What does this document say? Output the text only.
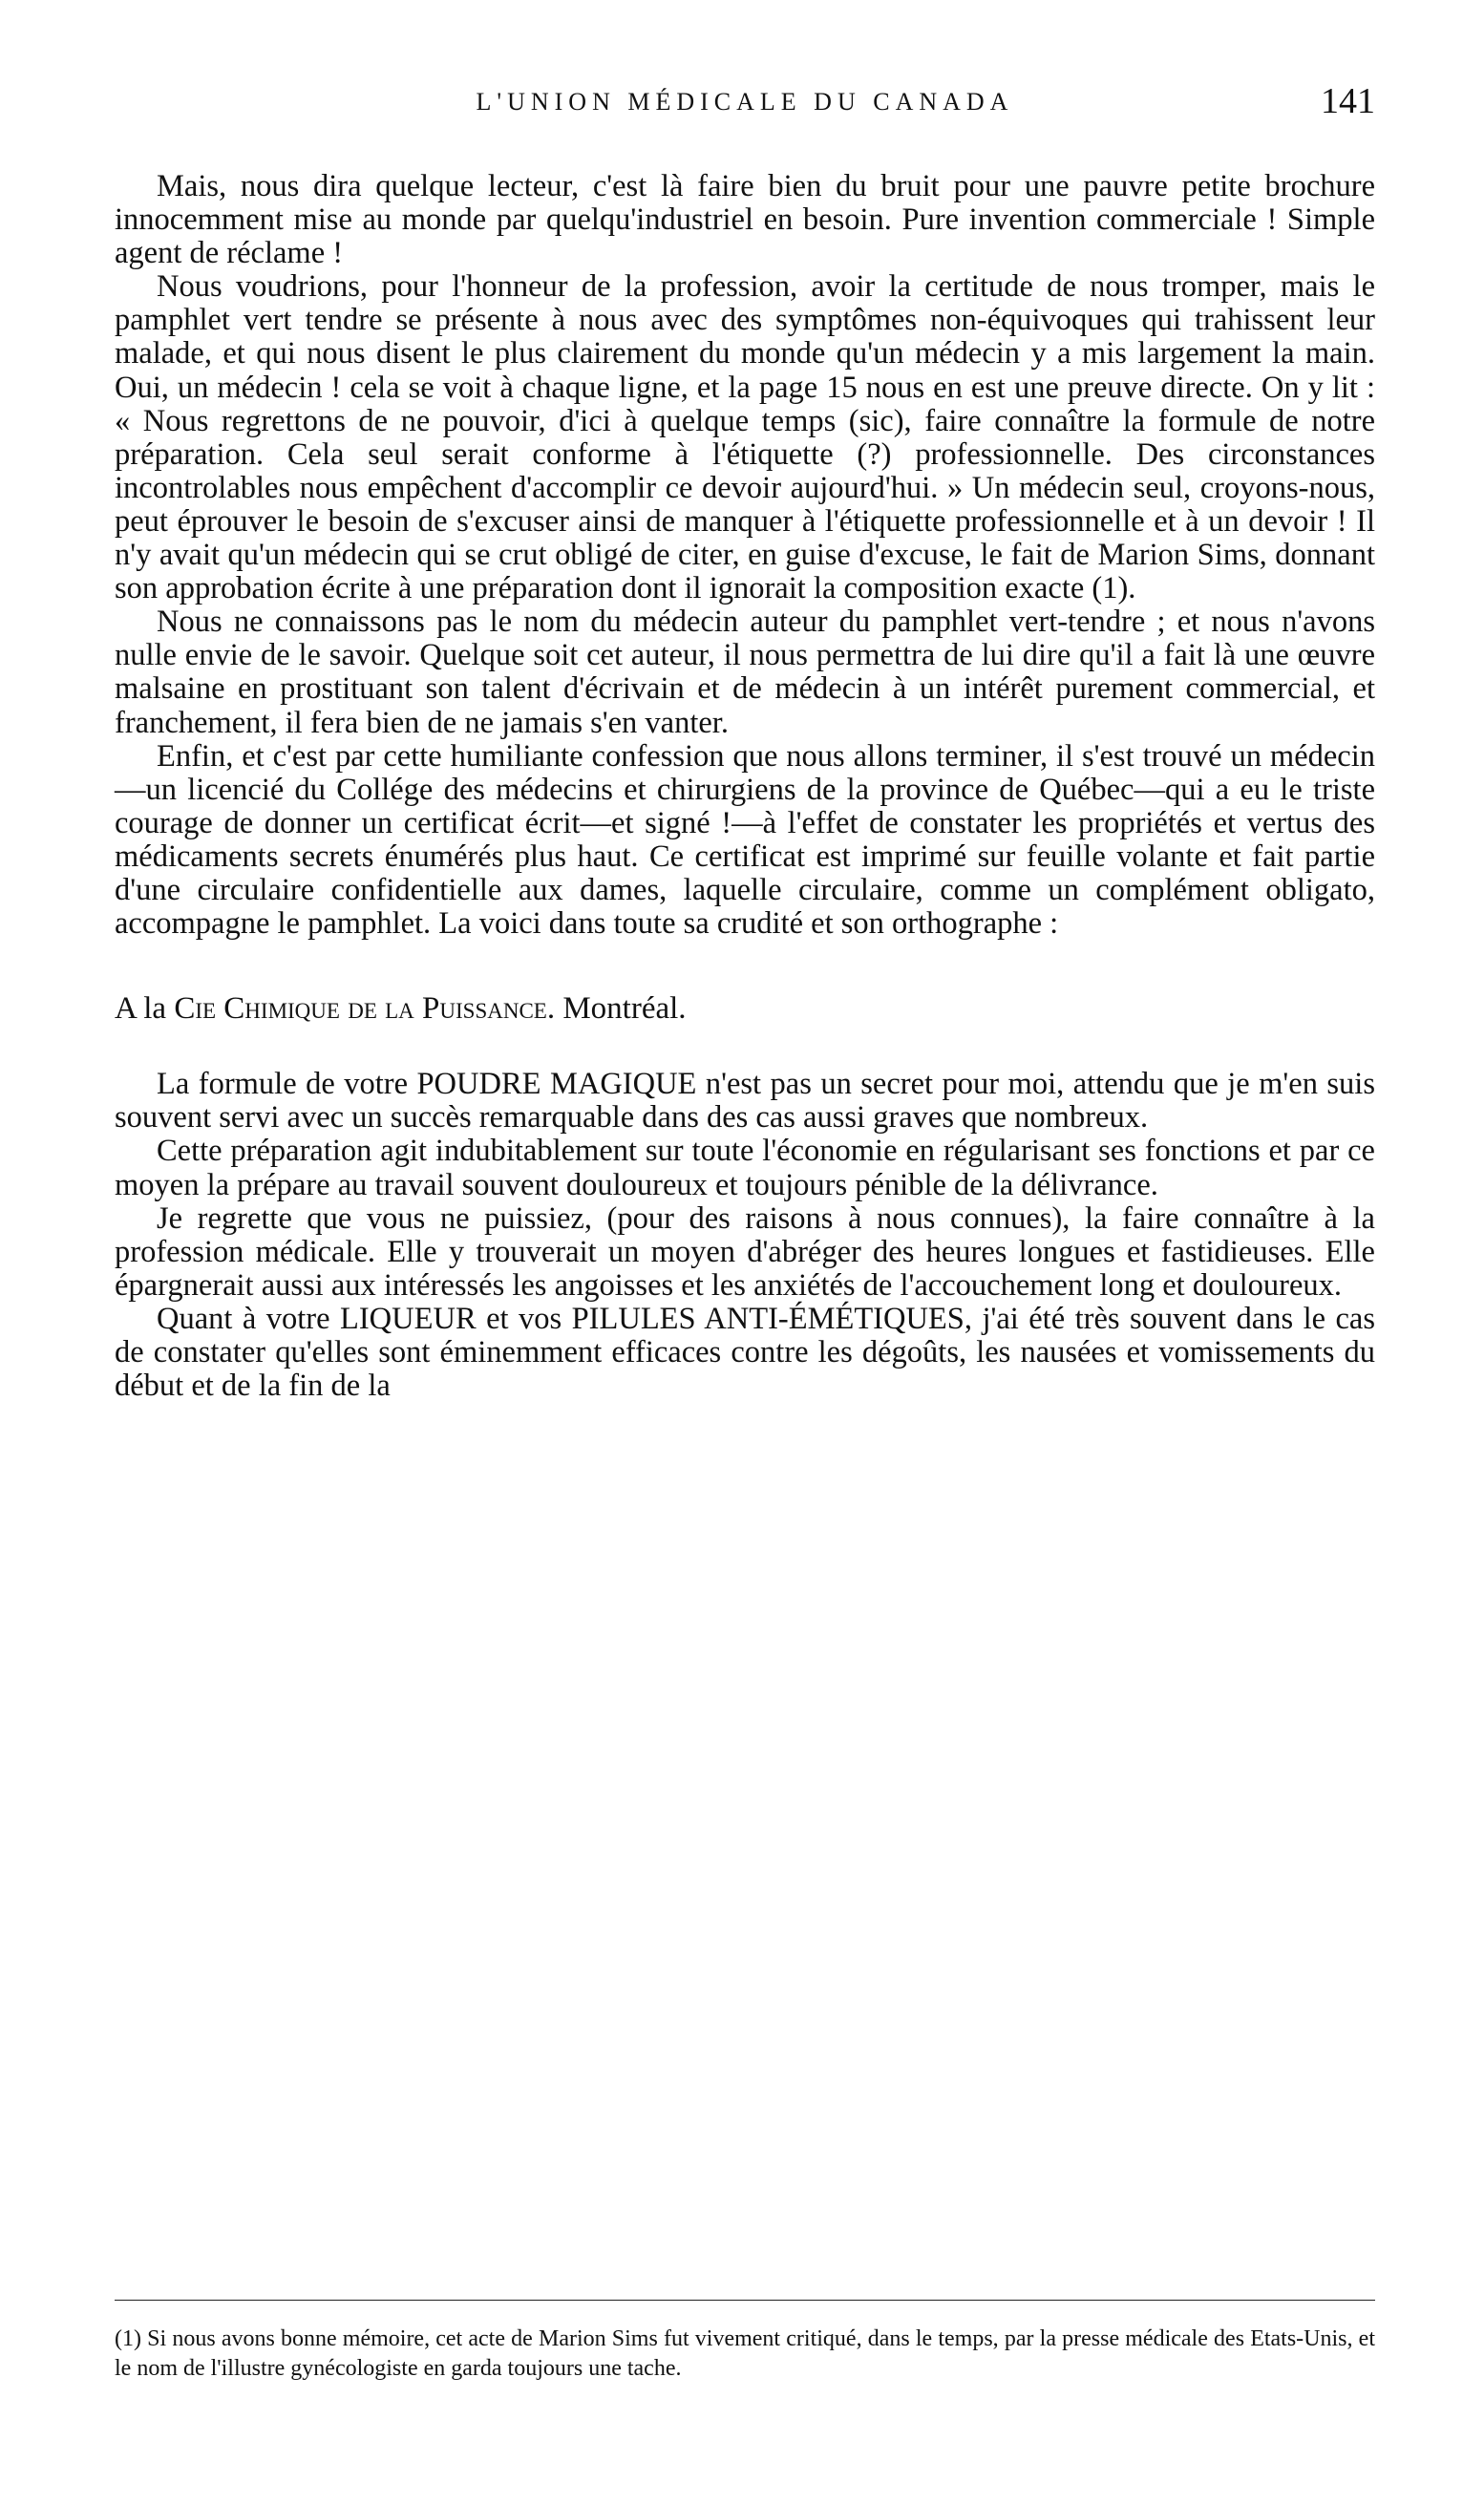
L'UNION MÉDICALE DU CANADA	141

Mais, nous dira quelque lecteur, c'est là faire bien du bruit pour une pauvre petite brochure innocemment mise au monde par quelqu'industriel en besoin. Pure invention commerciale ! Simple agent de réclame !

Nous voudrions, pour l'honneur de la profession, avoir la certitude de nous tromper, mais le pamphlet vert tendre se présente à nous avec des symptômes non-équivoques qui trahissent leur malade, et qui nous disent le plus clairement du monde qu'un médecin y a mis largement la main. Oui, un médecin ! cela se voit à chaque ligne, et la page 15 nous en est une preuve directe. On y lit : « Nous regrettons de ne pouvoir, d'ici à quelque temps (sic), faire connaître la formule de notre préparation. Cela seul serait conforme à l'étiquette (?) professionnelle. Des circonstances incontrolables nous empêchent d'accomplir ce devoir aujourd'hui. » Un médecin seul, croyons-nous, peut éprouver le besoin de s'excuser ainsi de manquer à l'étiquette professionnelle et à un devoir ! Il n'y avait qu'un médecin qui se crut obligé de citer, en guise d'excuse, le fait de Marion Sims, donnant son approbation écrite à une préparation dont il ignorait la composition exacte (1).

Nous ne connaissons pas le nom du médecin auteur du pamphlet vert-tendre ; et nous n'avons nulle envie de le savoir. Quelque soit cet auteur, il nous permettra de lui dire qu'il a fait là une œuvre malsaine en prostituant son talent d'écrivain et de médecin à un intérêt purement commercial, et franchement, il fera bien de ne jamais s'en vanter.

Enfin, et c'est par cette humiliante confession que nous allons terminer, il s'est trouvé un médecin—un licencié du Collége des médecins et chirurgiens de la province de Québec—qui a eu le triste courage de donner un certificat écrit—et signé !—à l'effet de constater les propriétés et vertus des médicaments secrets énumérés plus haut. Ce certificat est imprimé sur feuille volante et fait partie d'une circulaire confidentielle aux dames, laquelle circulaire, comme un complément obligato, accompagne le pamphlet. La voici dans toute sa crudité et son orthographe :

A la Cie Chimique de la Puissance. Montréal.

La formule de votre POUDRE MAGIQUE n'est pas un secret pour moi, attendu que je m'en suis souvent servi avec un succès remarquable dans des cas aussi graves que nombreux.

Cette préparation agit indubitablement sur toute l'économie en régularisant ses fonctions et par ce moyen la prépare au travail souvent douloureux et toujours pénible de la délivrance.

Je regrette que vous ne puissiez, (pour des raisons à nous connues), la faire connaître à la profession médicale. Elle y trouverait un moyen d'abréger des heures longues et fastidieuses. Elle épargnerait aussi aux intéressés les angoisses et les anxiétés de l'accouchement long et douloureux.

Quant à votre LIQUEUR et vos PILULES ANTI-ÉMÉTIQUES, j'ai été très souvent dans le cas de constater qu'elles sont éminemment efficaces contre les dégoûts, les nausées et vomissements du début et de la fin de la

(1) Si nous avons bonne mémoire, cet acte de Marion Sims fut vivement critiqué, dans le temps, par la presse médicale des Etats-Unis, et le nom de l'illustre gynécologiste en garda toujours une tache.
